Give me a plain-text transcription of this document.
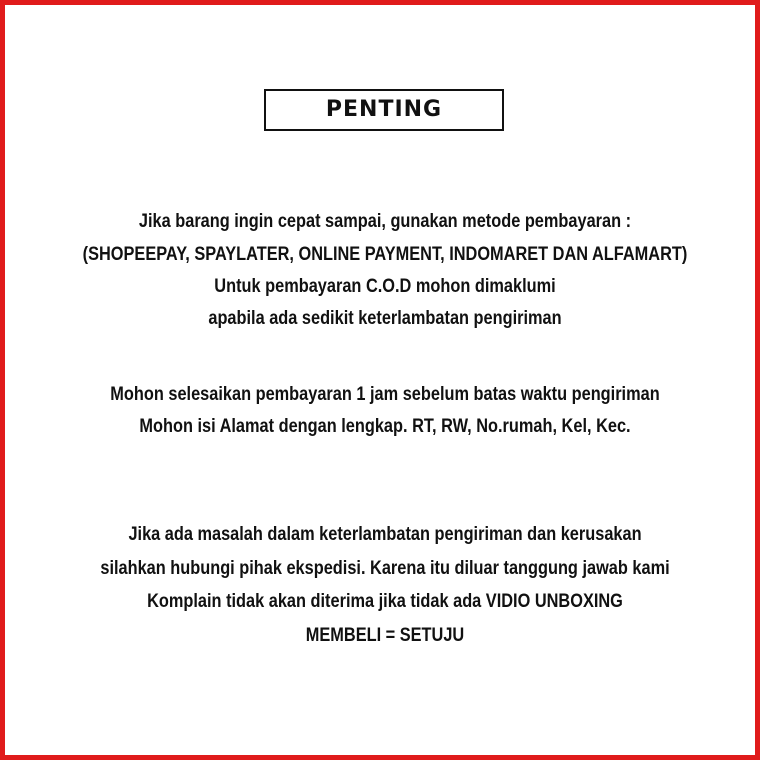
PENTING
Jika barang ingin cepat sampai, gunakan metode pembayaran :
(SHOPEEPAY, SPAYLATER, ONLINE PAYMENT, INDOMARET DAN ALFAMART)
Untuk pembayaran C.O.D mohon dimaklumi
apabila ada sedikit keterlambatan pengiriman
Mohon selesaikan pembayaran 1 jam sebelum batas waktu pengiriman
Mohon isi Alamat dengan lengkap. RT, RW, No.rumah, Kel, Kec.
Jika ada masalah dalam keterlambatan pengiriman dan kerusakan
silahkan hubungi pihak ekspedisi. Karena itu diluar tanggung jawab kami
Komplain tidak akan diterima jika tidak ada VIDIO UNBOXING
MEMBELI = SETUJU
